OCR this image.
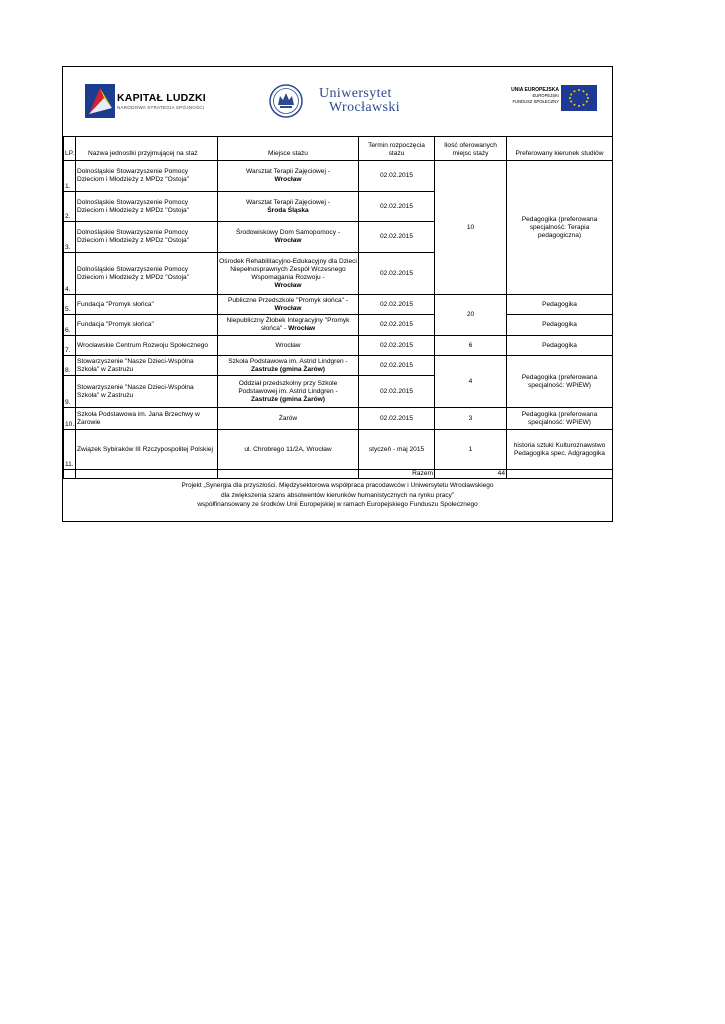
KAPITAŁ LUDZKI
NARODOWA STRATEGIA SPÓJNOŚCI
Uniwersytet
Wrocławski
UNIA EUROPEJSKA
EUROPEJSKI
FUNDUSZ SPOŁECZNY
LP.	Nazwa jednostki przyjmującej na staż	Miejsce stażu	Termin rozpoczęcia stażu	Ilość oferowanych miejsc staży	Preferowany kierunek studiów
1.	Dolnośląskie Stowarzyszenie Pomocy Dzieciom i Młodzieży z MPDz "Ostoja"	Warsztat Terapii Zajęciowej -
Wrocław	02.02.2015	10	Pedagogika (preferowana specjalność: Terapia pedagogiczna)
2.	Dolnośląskie Stowarzyszenie Pomocy Dzieciom i Młodzieży z MPDz "Ostoja"	Warsztat Terapii Zajęciowej -
Środa Śląska	02.02.2015		
3.	Dolnośląskie Stowarzyszenie Pomocy Dzieciom i Młodzieży z MPDz "Ostoja"	Środowiskowy Dom Samopomocy -
Wrocław	02.02.2015		
4.	Dolnośląskie Stowarzyszenie Pomocy Dzieciom i Młodzieży z MPDz "Ostoja"	Ośrodek Rehabilitacyjno-Edukacyjny dla Dzieci Niepełnosprawnych Zespół Wczesnego Wspomagania Rozwoju -
Wrocław	02.02.2015		
5.	Fundacja "Promyk słońca"	Publiczne Przedszkole "Promyk słońca" -
Wrocław	02.02.2015	20	Pedagogika
6.	Fundacja "Promyk słońca"	Niepubliczny Żłobek Integracyjny "Promyk słońca" - Wrocław	02.02.2015		Pedagogika
7.	Wrocławskie Centrum Rozwoju Społecznego	Wrocław	02.02.2015	6	Pedagogika
8.	Stowarzyszenie "Nasze Dzieci-Wspólna Szkoła" w Zastrużu	Szkoła Podstawowa im. Astrid Lindgren -
Zastrużе (gmina Żarów)	02.02.2015	4	Pedagogika (preferowana specjalność: WPiEW)
9.	Stowarzyszenie "Nasze Dzieci-Wspólna Szkoła" w Zastrużu	Oddział przedszkolny przy Szkole Podstawowej im. Astrid Lindgren -
Zastrużе (gmina Żarów)	02.02.2015		
10.	Szkoła Podstawowa im. Jana Brzechwy w Żarowie	Żarów	02.02.2015	3	Pedagogika (preferowana specjalność: WPiEW)
11.	Związek Sybiraków III Rzczypospolitej Polskiej	ul. Chrobrego 11/2A, Wrocław	styczeń - maj 2015	1	historia sztuki Kulturoznawstwo Pedagogika spec. Adgragogika
			Razem	44	
Projekt „Synergia dla przyszłości. Międzysektorowa współpraca pracodawców i Uniwersytetu Wrocławskiego
dla zwiększenia szans absolwentów kierunków humanistycznych na rynku pracy”
współfinansowany ze środków Unii Europejskiej w ramach Europejskiego Funduszu Społecznego
